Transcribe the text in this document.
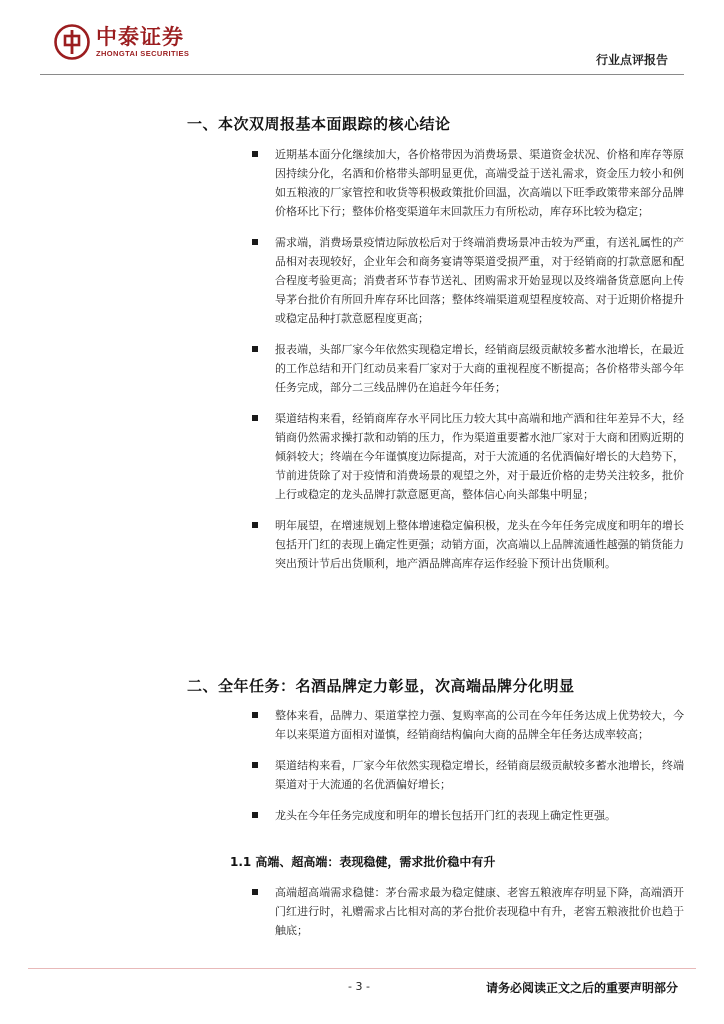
中泰证券
ZHONGTAI SECURITIES	行业点评报告
一、本次双周报基本面跟踪的核心结论
近期基本面分化继续加大，各价格带因为消费场景、渠道资金状况、价格和库存等原因持续分化，名酒和价格带头部明显更优，高端受益于送礼需求，资金压力较小和例如五粮液的厂家管控和收货等积极政策批价回温，次高端以下旺季政策带来部分品牌价格环比下行；整体价格变渠道年末回款压力有所松动，库存环比较为稳定；
需求端，消费场景疫情边际放松后对于终端消费场景冲击较为严重，有送礼属性的产品相对表现较好，企业年会和商务宴请等渠道受损严重，对于经销商的打款意愿和配合程度考验更高；消费者环节春节送礼、团购需求开始显现以及终端备货意愿向上传导茅台批价有所回升库存环比回落；整体终端渠道观望程度较高、对于近期价格提升或稳定品种打款意愿程度更高；
报表端，头部厂家今年依然实现稳定增长，经销商层级贡献较多蓄水池增长，在最近的工作总结和开门红动员来看厂家对于大商的重视程度不断提高；各价格带头部今年任务完成，部分二三线品牌仍在追赶今年任务；
渠道结构来看，经销商库存水平同比压力较大其中高端和地产酒和往年差异不大，经销商仍然需求操打款和动销的压力，作为渠道重要蓄水池厂家对于大商和团购近期的倾斜较大；终端在今年谨慎度边际提高，对于大流通的名优酒偏好增长的大趋势下，节前进货除了对于疫情和消费场景的观望之外，对于最近价格的走势关注较多，批价上行或稳定的龙头品牌打款意愿更高，整体信心向头部集中明显；
明年展望，在增速规划上整体增速稳定偏积极，龙头在今年任务完成度和明年的增长包括开门红的表现上确定性更强；动销方面，次高端以上品牌流通性越强的销货能力突出预计节后出货顺利，地产酒品牌高库存运作经验下预计出货顺利。
二、全年任务：名酒品牌定力彰显，次高端品牌分化明显
整体来看，品牌力、渠道掌控力强、复购率高的公司在今年任务达成上优势较大，今年以来渠道方面相对谨慎，经销商结构偏向大商的品牌全年任务达成率较高；
渠道结构来看，厂家今年依然实现稳定增长，经销商层级贡献较多蓄水池增长，终端渠道对于大流通的名优酒偏好增长；
龙头在今年任务完成度和明年的增长包括开门红的表现上确定性更强。
1.1 高端、超高端：表现稳健，需求批价稳中有升
高端超高端需求稳健：茅台需求最为稳定健康、老窖五粮液库存明显下降，高端酒开门红进行时，礼赠需求占比相对高的茅台批价表现稳中有升，老窖五粮液批价也趋于触底；
- 3 -	请务必阅读正文之后的重要声明部分
